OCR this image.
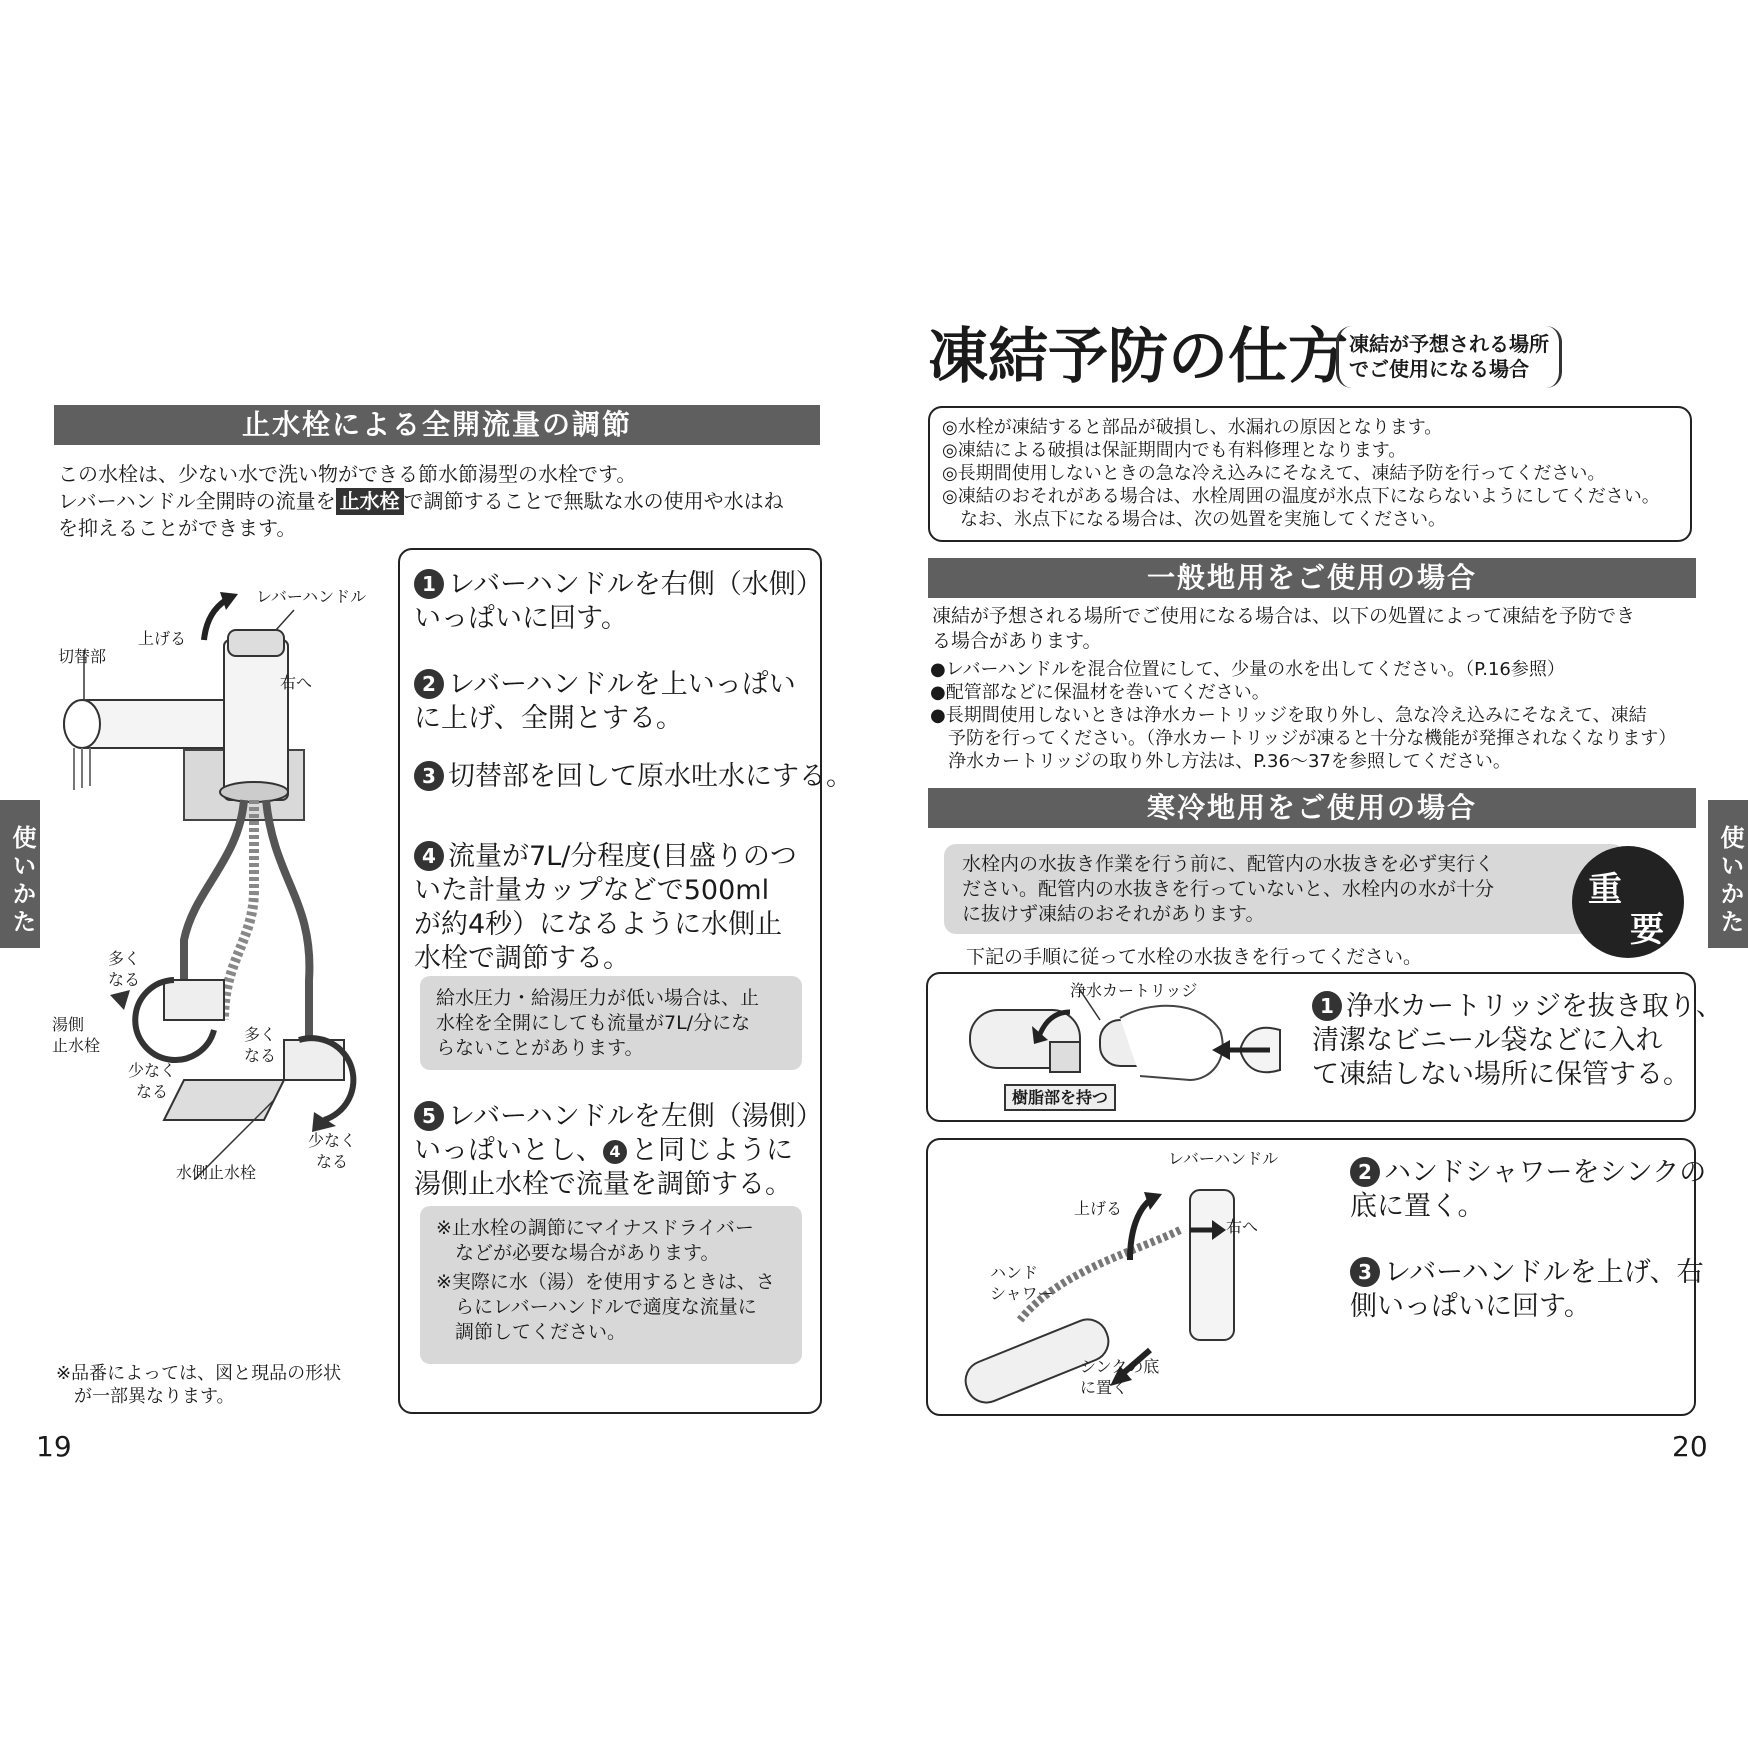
止水栓による全開流量の調節
この水栓は、少ない水で洗い物ができる節水節湯型の水栓です。
レバーハンドル全開時の流量を 止水栓 で調節することで無駄な水の使用や水はね
を抑えることができます。
レバーハンドル
上げる
切替部
右へ
多く
なる
湯側
止水栓
少なく
なる
多く
なる
少なく
なる
水側止水栓
※品番によっては、図と現品の形状
　が一部異なります。
1 レバーハンドルを右側（水側）
いっぱいに回す。
2 レバーハンドルを上いっぱい
に上げ、全開とする。
3 切替部を回して原水吐水にする。
4 流量が7L/分程度(目盛りのつ
いた計量カップなどで500ml
が約4秒）になるように水側止
水栓で調節する。
給水圧力・給湯圧力が低い場合は、止
水栓を全開にしても流量が7L/分にな
らないことがあります。
5 レバーハンドルを左側（湯側）
いっぱいとし、 4 と同じように
湯側止水栓で流量を調節する。
※止水栓の調節にマイナスドライバー
　などが必要な場合があります。
※実際に水（湯）を使用するときは、さ
　らにレバーハンドルで適度な流量に
　調節してください。
使いかた
19
凍結予防の仕方 凍結が予想される場所
でご使用になる場合
◎水栓が凍結すると部品が破損し、水漏れの原因となります。
◎凍結による破損は保証期間内でも有料修理となります。
◎長期間使用しないときの急な冷え込みにそなえて、凍結予防を行ってください。
◎凍結のおそれがある場合は、水栓周囲の温度が氷点下にならないようにしてください。
　なお、氷点下になる場合は、次の処置を実施してください。
一般地用をご使用の場合
凍結が予想される場所でご使用になる場合は、以下の処置によって凍結を予防でき
る場合があります。
●レバーハンドルを混合位置にして、少量の水を出してください。（P.16参照）
●配管部などに保温材を巻いてください。
●長期間使用しないときは浄水カートリッジを取り外し、急な冷え込みにそなえて、凍結
　予防を行ってください。（浄水カートリッジが凍ると十分な機能が発揮されなくなります）
　浄水カートリッジの取り外し方法は、P.36～37を参照してください。
寒冷地用をご使用の場合
水栓内の水抜き作業を行う前に、配管内の水抜きを必ず実行く
ださい。配管内の水抜きを行っていないと、水栓内の水が十分
に抜けず凍結のおそれがあります。
重
要
下記の手順に従って水栓の水抜きを行ってください。
浄水カートリッジ
樹脂部を持つ
1 浄水カートリッジを抜き取り、
清潔なビニール袋などに入れ
て凍結しない場所に保管する。
レバーハンドル
上げる
右へ
ハンド
シャワー
シンクの底
に置く
2 ハンドシャワーをシンクの
底に置く。
3 レバーハンドルを上げ、右
側いっぱいに回す。
使いかた
20
